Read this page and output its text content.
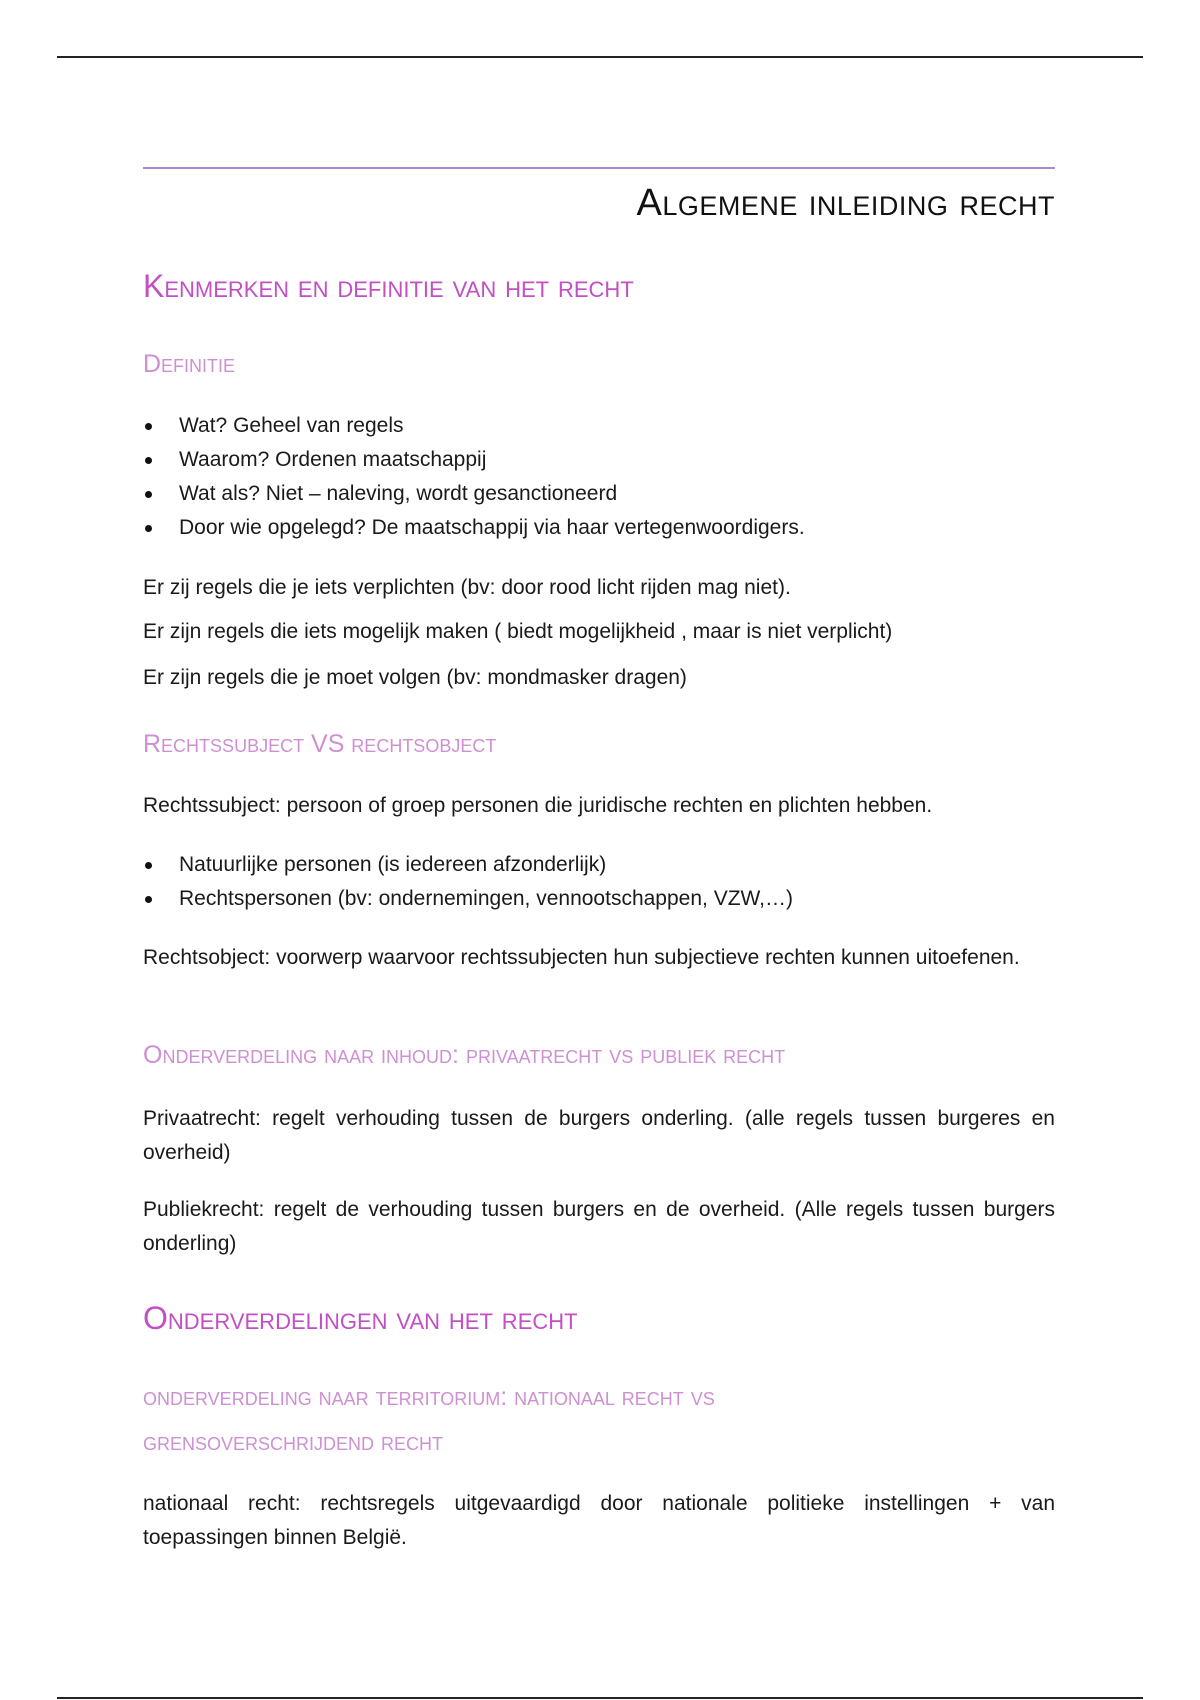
Algemene inleiding recht
Kenmerken en definitie van het recht
Definitie
Wat? Geheel van regels
Waarom? Ordenen maatschappij
Wat als? Niet – naleving, wordt gesanctioneerd
Door wie opgelegd? De maatschappij via haar vertegenwoordigers.

Er zij regels die je iets verplichten (bv: door rood licht rijden mag niet).

Er zijn regels die iets mogelijk maken ( biedt mogelijkheid , maar is niet verplicht)

Er zijn regels die je moet volgen (bv: mondmasker dragen)

Rechtssubject VS rechtsobject

Rechtssubject: persoon of groep personen die juridische rechten en plichten hebben.

Natuurlijke personen (is iedereen afzonderlijk)
Rechtspersonen (bv: ondernemingen, vennootschappen, VZW,…)

Rechtsobject: voorwerp waarvoor rechtssubjecten hun subjectieve rechten kunnen uitoefenen.

Onderverdeling naar inhoud: privaatrecht vs publiek recht

Privaatrecht: regelt verhouding tussen de burgers onderling. (alle regels tussen burgeres en overheid)

Publiekrecht: regelt de verhouding tussen burgers en de overheid. (Alle regels tussen burgers onderling)

Onderverdelingen van het recht
onderverdeling naar territorium: nationaal recht vs grensoverschrijdend recht

nationaal recht: rechtsregels uitgevaardigd door nationale politieke instellingen + van toepassingen binnen België.
